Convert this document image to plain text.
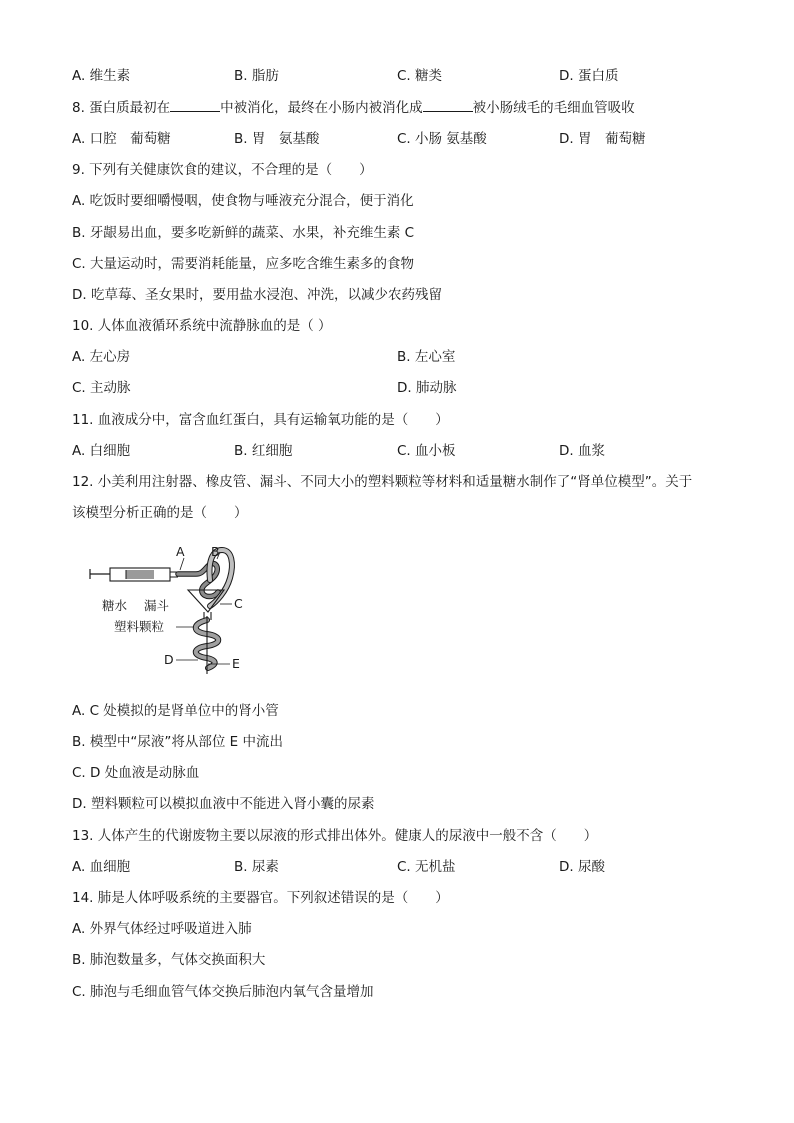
A. 维生素	B. 脂肪	C. 糖类	D. 蛋白质
8. 蛋白质最初在	中被消化，最终在小肠内被消化成	被小肠绒毛的毛细血管吸收
A. 口腔　葡萄糖	B. 胃　氨基酸	C. 小肠 氨基酸	D. 胃　葡萄糖
9. 下列有关健康饮食的建议，不合理的是（　　）
A. 吃饭时要细嚼慢咽，使食物与唾液充分混合，便于消化
B. 牙龈易出血，要多吃新鲜的蔬菜、水果，补充维生素 C
C. 大量运动时，需要消耗能量，应多吃含维生素多的食物
D. 吃草莓、圣女果时，要用盐水浸泡、冲洗，以减少农药残留
10. 人体血液循环系统中流静脉血的是（ ）
A. 左心房	B. 左心室
C. 主动脉	D. 肺动脉
11. 血液成分中，富含血红蛋白，具有运输氧功能的是（　　）
A. 白细胞	B. 红细胞	C. 血小板	D. 血浆
12. 小美利用注射器、橡皮管、漏斗、不同大小的塑料颗粒等材料和适量糖水制作了“肾单位模型”。关于
该模型分析正确的是（　　）
A B
C
D	E
糖水 漏斗
塑料颗粒
A. C 处模拟的是肾单位中的肾小管
B. 模型中“尿液”将从部位 E 中流出
C. D 处血液是动脉血
D. 塑料颗粒可以模拟血液中不能进入肾小囊的尿素
13. 人体产生的代谢废物主要以尿液的形式排出体外。健康人的尿液中一般不含（　　）
A. 血细胞	B. 尿素	C. 无机盐	D. 尿酸
14. 肺是人体呼吸系统的主要器官。下列叙述错误的是（　　）
A. 外界气体经过呼吸道进入肺
B. 肺泡数量多，气体交换面积大
C. 肺泡与毛细血管气体交换后肺泡内氧气含量增加
